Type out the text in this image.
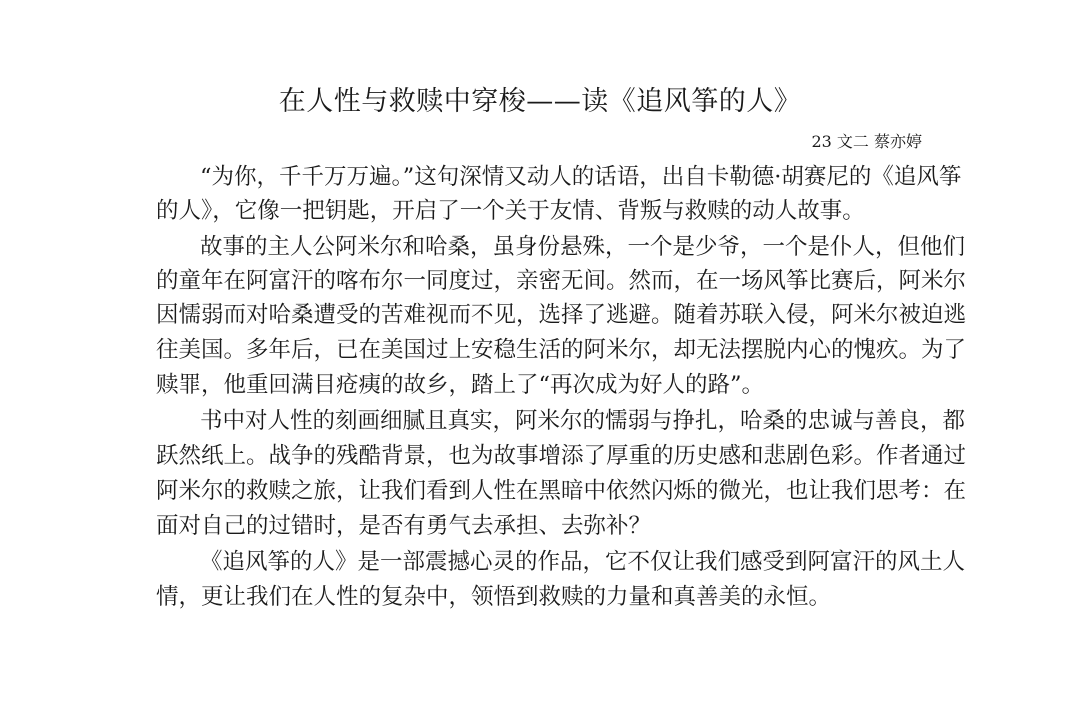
在人性与救赎中穿梭——读《追风筝的人》
23 文二 蔡亦婷
“为你，千千万万遍。”这句深情又动人的话语，出自卡勒德·胡赛尼的《追风筝
的人》，它像一把钥匙，开启了一个关于友情、背叛与救赎的动人故事。
故事的主人公阿米尔和哈桑，虽身份悬殊，一个是少爷，一个是仆人，但他们
的童年在阿富汗的喀布尔一同度过，亲密无间。然而，在一场风筝比赛后，阿米尔
因懦弱而对哈桑遭受的苦难视而不见，选择了逃避。随着苏联入侵，阿米尔被迫逃
往美国。多年后，已在美国过上安稳生活的阿米尔，却无法摆脱内心的愧疚。为了
赎罪，他重回满目疮痍的故乡，踏上了“再次成为好人的路”。
书中对人性的刻画细腻且真实，阿米尔的懦弱与挣扎，哈桑的忠诚与善良，都
跃然纸上。战争的残酷背景，也为故事增添了厚重的历史感和悲剧色彩。作者通过
阿米尔的救赎之旅，让我们看到人性在黑暗中依然闪烁的微光，也让我们思考：在
面对自己的过错时，是否有勇气去承担、去弥补？
《追风筝的人》是一部震撼心灵的作品，它不仅让我们感受到阿富汗的风土人
情，更让我们在人性的复杂中，领悟到救赎的力量和真善美的永恒。
